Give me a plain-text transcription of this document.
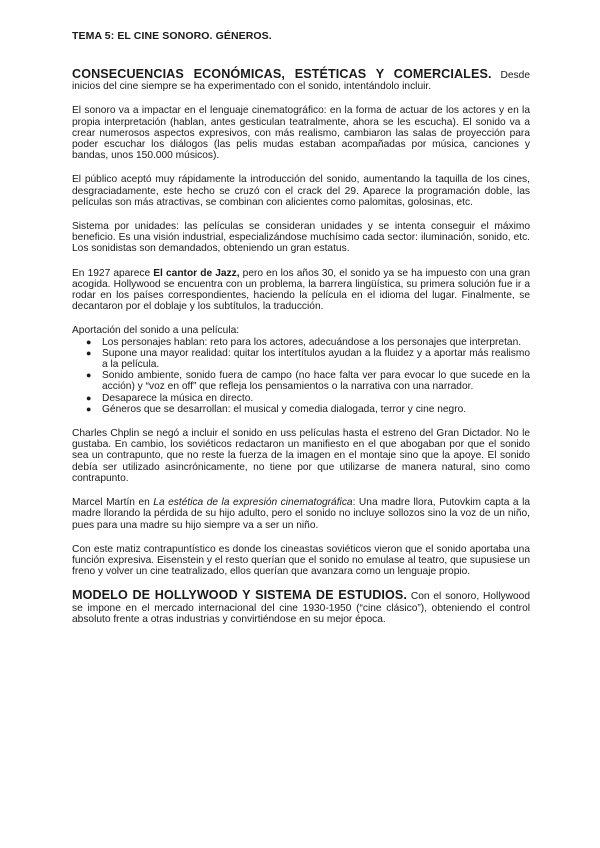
TEMA 5: EL CINE SONORO. GÉNEROS.

CONSECUENCIAS ECONÓMICAS, ESTÉTICAS Y COMERCIALES. Desde inicios del cine siempre se ha experimentado con el sonido, intentándolo incluir.

El sonoro va a impactar en el lenguaje cinematográfico: en la forma de actuar de los actores y en la propia interpretación (hablan, antes gesticulan teatralmente, ahora se les escucha). El sonido va a crear numerosos aspectos expresivos, con más realismo, cambiaron las salas de proyección para poder escuchar los diálogos (las pelis mudas estaban acompañadas por música, canciones y bandas, unos 150.000 músicos).

El público aceptó muy rápidamente la introducción del sonido, aumentando la taquilla de los cines, desgraciadamente, este hecho se cruzó con el crack del 29. Aparece la programación doble, las películas son más atractivas, se combinan con alicientes como palomitas, golosinas, etc.

Sistema por unidades: las películas se consideran unidades y se intenta conseguir el máximo beneficio. Es una visión industrial, especializándose muchísimo cada sector: iluminación, sonido, etc. Los sonidistas son demandados, obteniendo un gran estatus.

En 1927 aparece El cantor de Jazz, pero en los años 30, el sonido ya se ha impuesto con una gran acogida. Hollywood se encuentra con un problema, la barrera lingüística, su primera solución fue ir a rodar en los países correspondientes, haciendo la película en el idioma del lugar. Finalmente, se decantaron por el doblaje y los subtítulos, la traducción.

Aportación del sonido a una película:

● Los personajes hablan: reto para los actores, adecuándose a los personajes que interpretan.
● Supone una mayor realidad: quitar los intertítulos ayudan a la fluidez y a aportar más realismo a la película.
● Sonido ambiente, sonido fuera de campo (no hace falta ver para evocar lo que sucede en la acción) y “voz en off” que refleja los pensamientos o la narrativa con una narrador.
● Desaparece la música en directo.
● Géneros que se desarrollan: el musical y comedia dialogada, terror y cine negro.

Charles Chplin se negó a incluir el sonido en uss películas hasta el estreno del Gran Dictador. No le gustaba. En cambio, los soviéticos redactaron un manifiesto en el que abogaban por que el sonido sea un contrapunto, que no reste la fuerza de la imagen en el montaje sino que la apoye. El sonido debía ser utilizado asincrónicamente, no tiene por que utilizarse de manera natural, sino como contrapunto.

Marcel Martín en La estética de la expresión cinematográfica: Una madre llora, Putovkim capta a la madre llorando la pérdida de su hijo adulto, pero el sonido no incluye sollozos sino la voz de un niño, pues para una madre su hijo siempre va a ser un niño.

Con este matiz contrapuntístico es donde los cineastas soviéticos vieron que el sonido aportaba una función expresiva. Eisenstein y el resto querían que el sonido no emulase al teatro, que supusiese un freno y volver un cine teatralizado, ellos querían que avanzara como un lenguaje propio.

MODELO DE HOLLYWOOD Y SISTEMA DE ESTUDIOS. Con el sonoro, Hollywood se impone en el mercado internacional del cine 1930-1950 (“cine clásico”), obteniendo el control absoluto frente a otras industrias y convirtiéndose en su mejor época.
